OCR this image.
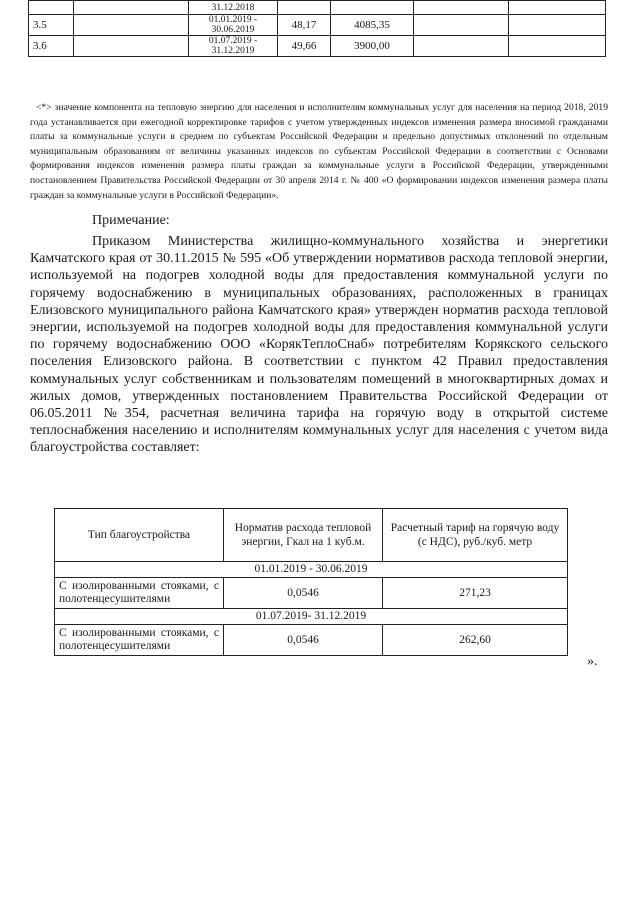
		31.12.2018				
3.5		01.01.2019 - 30.06.2019	48,17	4085,35		
3.6		01.07.2019 - 31.12.2019	49,66	3900,00		

<*> значение компонента на тепловую энергию для населения и исполнителям коммунальных услуг для населения на период 2018, 2019 года устанавливается при ежегодной корректировке тарифов с учетом утвержденных индексов изменения размера вносимой гражданами платы за коммунальные услуги в среднем по субъектам Российской Федерации и предельно допустимых отклонений по отдельным муниципальным образованиям от величины указанных индексов по субъектам Российской Федерации в соответствии с Основами формирования индексов изменения размера платы граждан за коммунальные услуги в Российской Федерации, утвержденными постановлением Правительства Российской Федерации от 30 апреля 2014 г. № 400 «О формировании индексов изменения размера платы граждан за коммунальные услуги в Российской Федерации».

Примечание:

Приказом Министерства жилищно-коммунального хозяйства и энергетики Камчатского края от 30.11.2015 № 595 «Об утверждении нормативов расхода тепловой энергии, используемой на подогрев холодной воды для предоставления коммунальной услуги по горячему водоснабжению в муниципальных образованиях, расположенных в границах Елизовского муниципального района Камчатского края» утвержден норматив расхода тепловой энергии, используемой на подогрев холодной воды для предоставления коммунальной услуги по горячему водоснабжению ООО «КорякТеплоСнаб» потребителям Корякского сельского поселения Елизовского района. В соответствии с пунктом 42 Правил предоставления коммунальных услуг собственникам и пользователям помещений в многоквартирных домах и жилых домов, утвержденных постановлением Правительства Российской Федерации от 06.05.2011 №354, расчетная величина тарифа на горячую воду в открытой системе теплоснабжения населению и исполнителям коммунальных услуг для населения с учетом вида благоустройства составляет:

Тип благоустройства	Норматив расхода тепловой энергии, Гкал на 1 куб.м.	Расчетный тариф на горячую воду (с НДС), руб./куб. метр
01.01.2019 - 30.06.2019		
С изолированными стояками, с полотенцесушителями	0,0546	271,23
01.07.2019- 31.12.2019		
С изолированными стояками, с полотенцесушителями	0,0546	262,60
».
